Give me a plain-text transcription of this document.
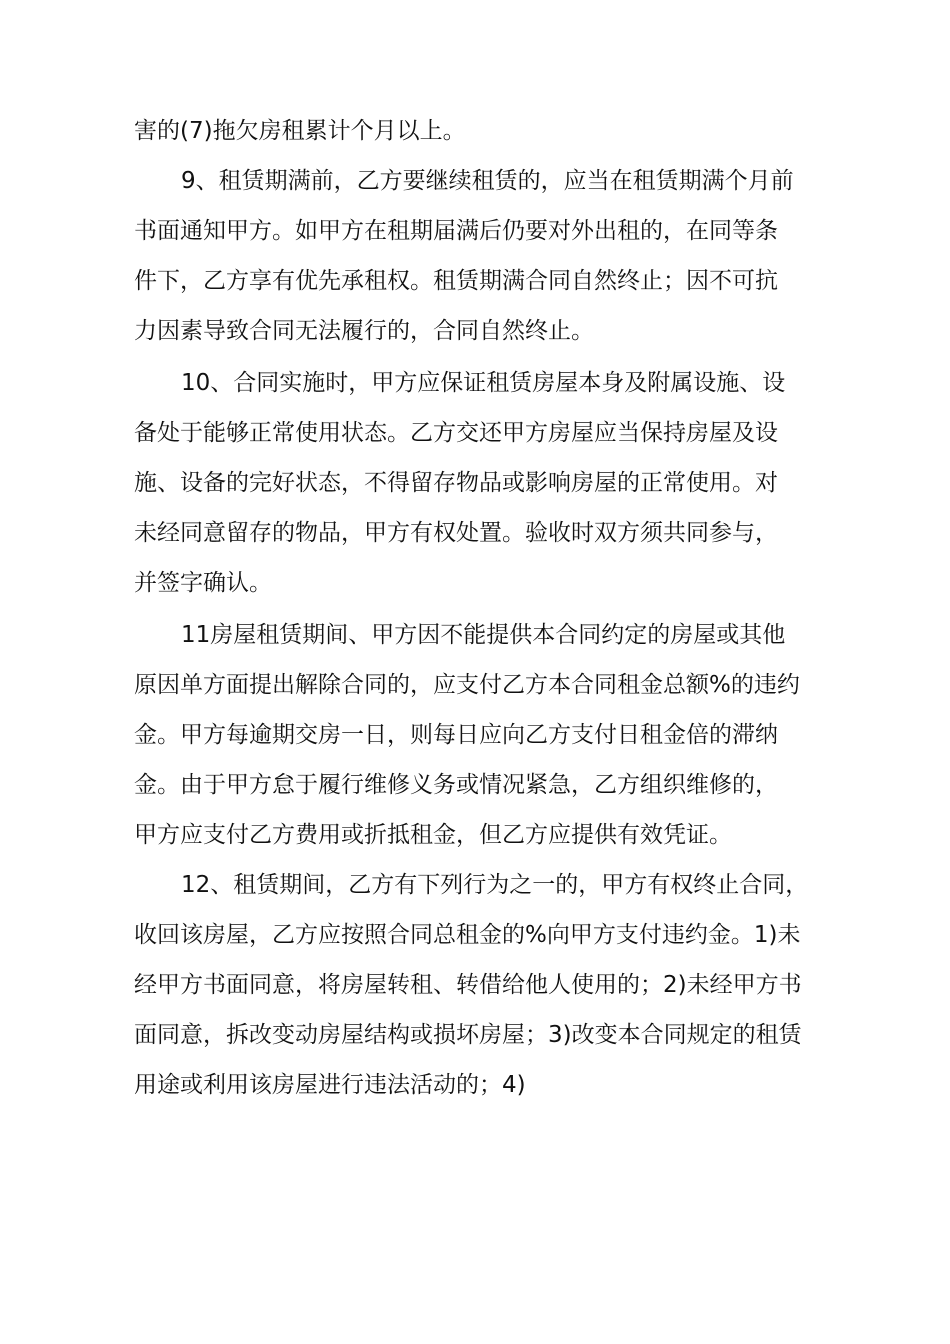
害的(7)拖欠房租累计个月以上。
9、租赁期满前，乙方要继续租赁的，应当在租赁期满个月前
书面通知甲方。如甲方在租期届满后仍要对外出租的，在同等条
件下，乙方享有优先承租权。租赁期满合同自然终止；因不可抗
力因素导致合同无法履行的，合同自然终止。
10、合同实施时，甲方应保证租赁房屋本身及附属设施、设
备处于能够正常使用状态。乙方交还甲方房屋应当保持房屋及设
施、设备的完好状态，不得留存物品或影响房屋的正常使用。对
未经同意留存的物品，甲方有权处置。验收时双方须共同参与，
并签字确认。
11房屋租赁期间、甲方因不能提供本合同约定的房屋或其他
原因单方面提出解除合同的，应支付乙方本合同租金总额%的违约
金。甲方每逾期交房一日，则每日应向乙方支付日租金倍的滞纳
金。由于甲方怠于履行维修义务或情况紧急，乙方组织维修的，
甲方应支付乙方费用或折抵租金，但乙方应提供有效凭证。
12、租赁期间，乙方有下列行为之一的，甲方有权终止合同，
收回该房屋，乙方应按照合同总租金的%向甲方支付违约金。1)未
经甲方书面同意，将房屋转租、转借给他人使用的；2)未经甲方书
面同意，拆改变动房屋结构或损坏房屋；3)改变本合同规定的租赁
用途或利用该房屋进行违法活动的；4)
